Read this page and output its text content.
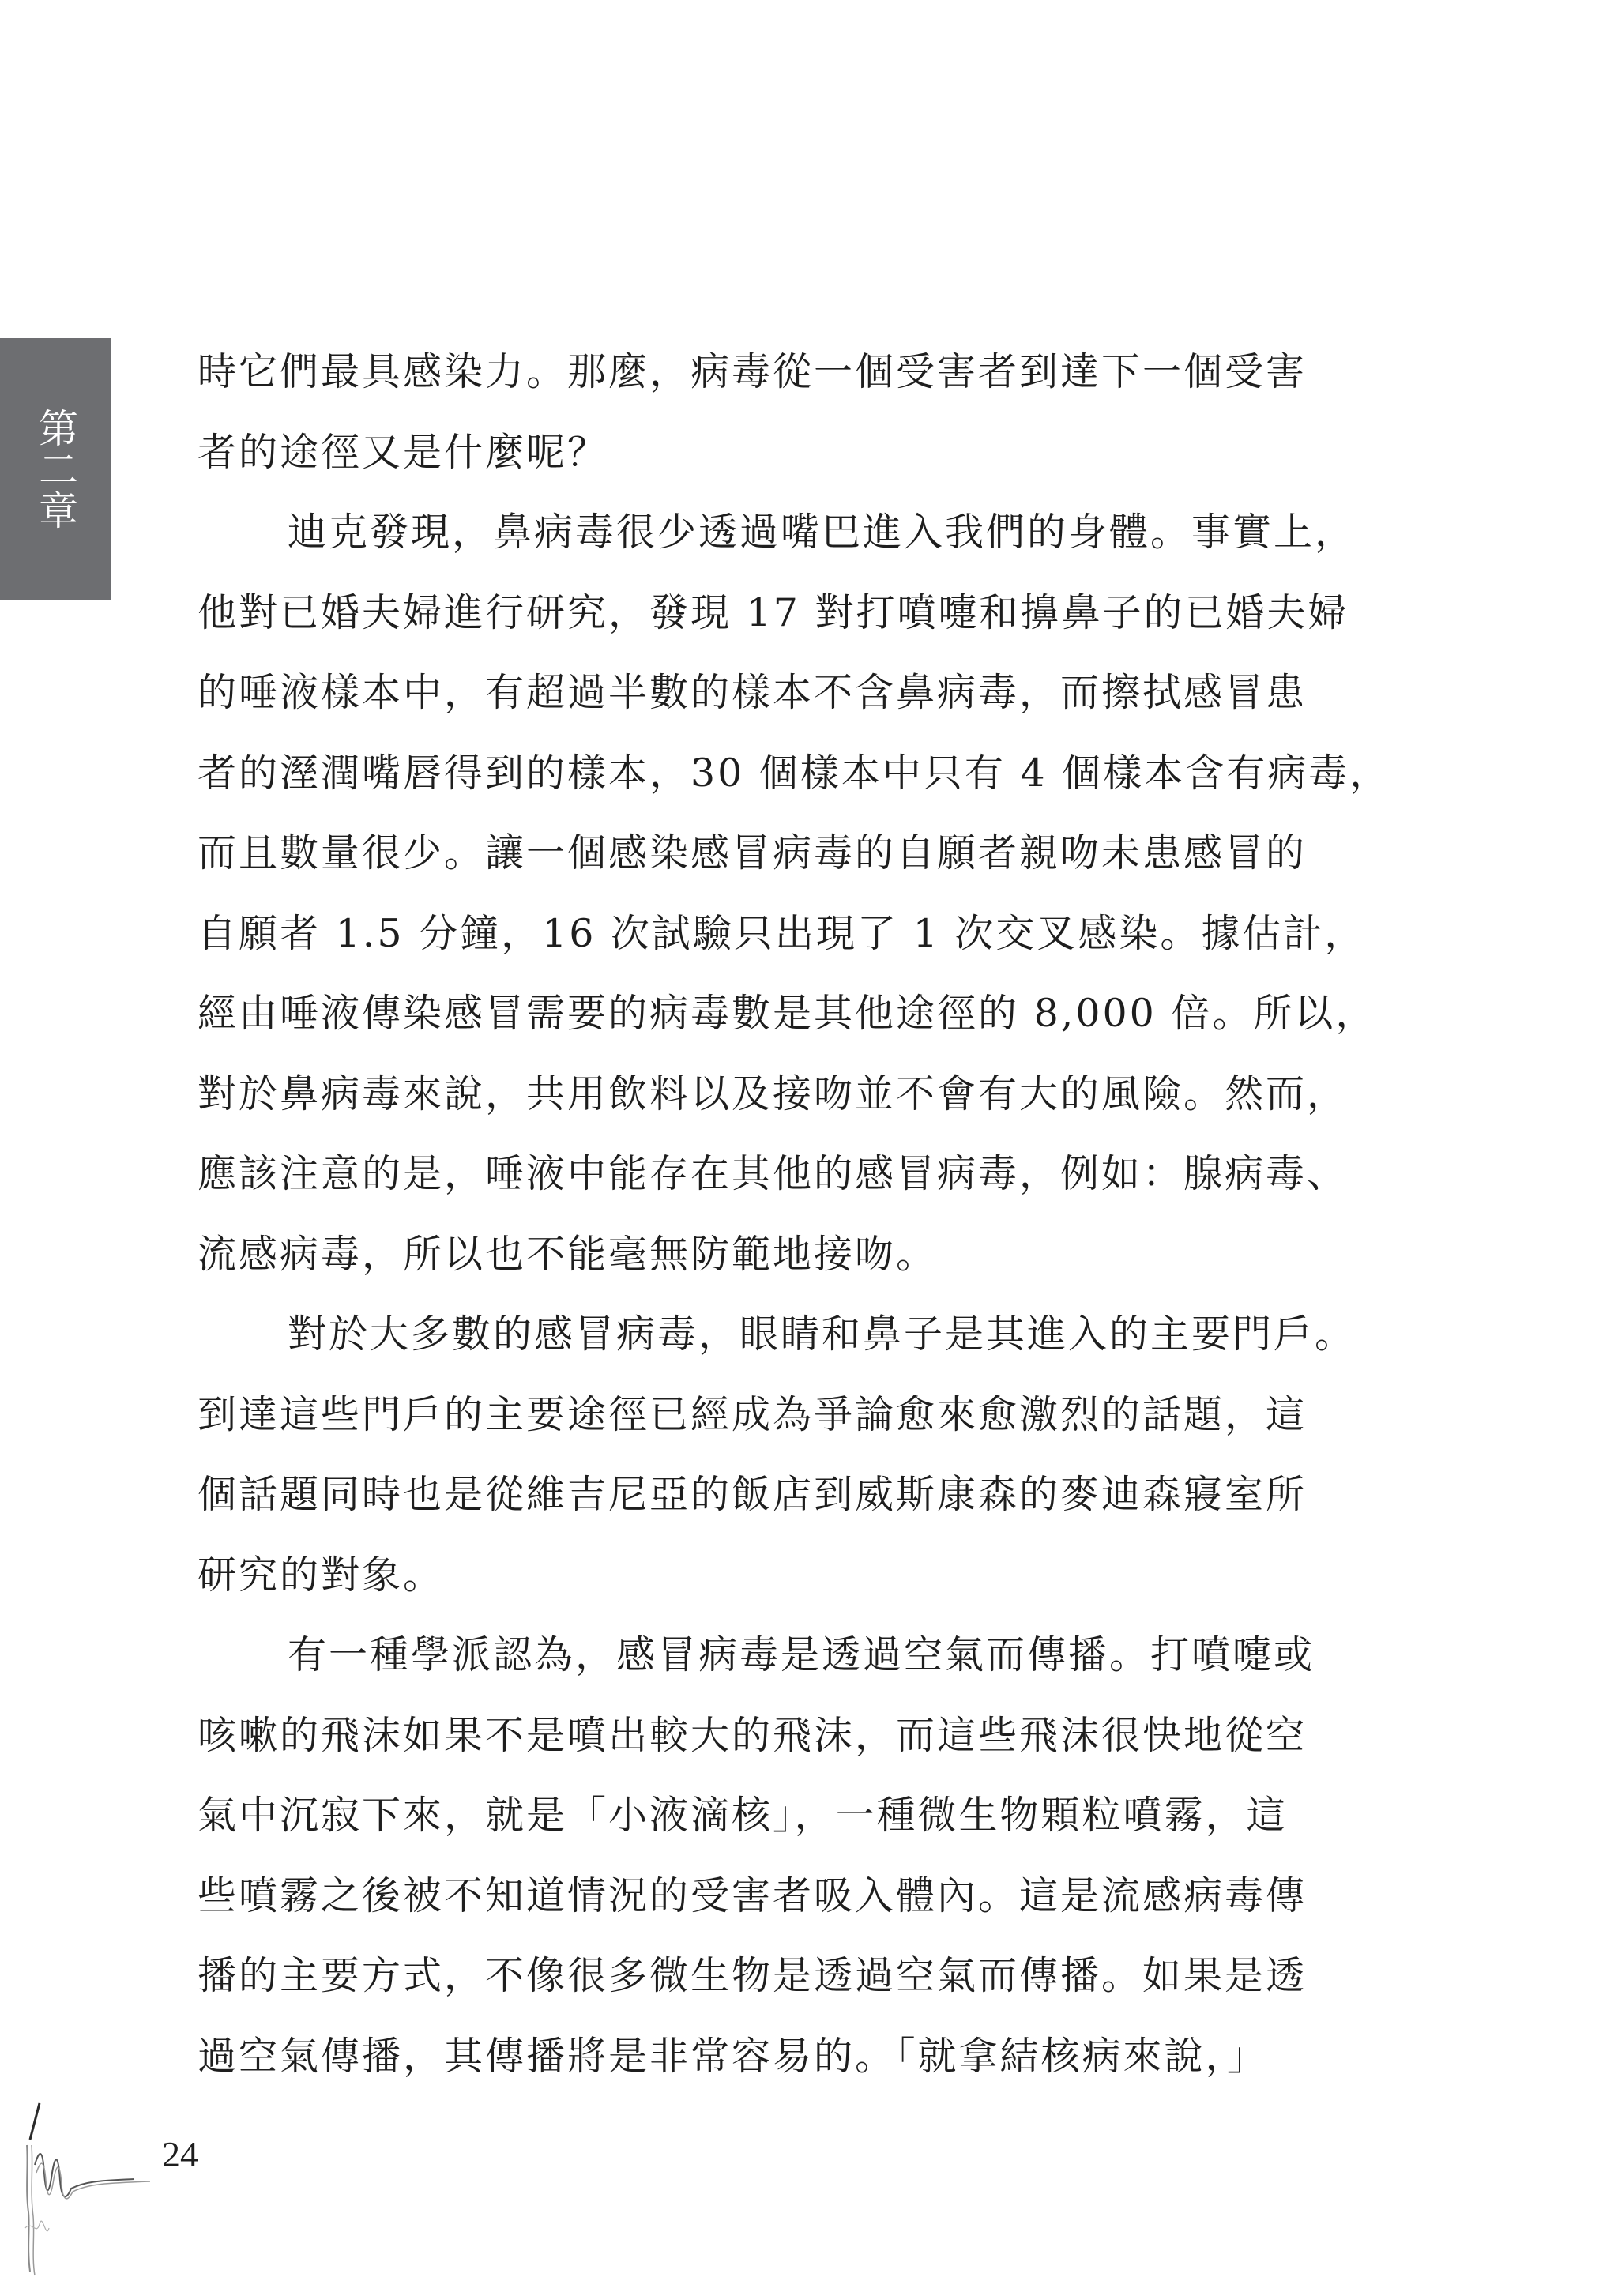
第二章
時它們最具感染力。那麼，病毒從一個受害者到達下一個受害
者的途徑又是什麼呢？
迪克發現，鼻病毒很少透過嘴巴進入我們的身體。事實上，
他對已婚夫婦進行研究，發現 17 對打噴嚏和擤鼻子的已婚夫婦
的唾液樣本中，有超過半數的樣本不含鼻病毒，而擦拭感冒患
者的溼潤嘴唇得到的樣本，30 個樣本中只有 4 個樣本含有病毒，
而且數量很少。讓一個感染感冒病毒的自願者親吻未患感冒的
自願者 1.5 分鐘，16 次試驗只出現了 1 次交叉感染。據估計，
經由唾液傳染感冒需要的病毒數是其他途徑的 8,000 倍。所以，
對於鼻病毒來說，共用飲料以及接吻並不會有大的風險。然而，
應該注意的是，唾液中能存在其他的感冒病毒，例如：腺病毒、
流感病毒，所以也不能毫無防範地接吻。
對於大多數的感冒病毒，眼睛和鼻子是其進入的主要門戶。
到達這些門戶的主要途徑已經成為爭論愈來愈激烈的話題，這
個話題同時也是從維吉尼亞的飯店到威斯康森的麥迪森寢室所
研究的對象。
有一種學派認為，感冒病毒是透過空氣而傳播。打噴嚏或
咳嗽的飛沫如果不是噴出較大的飛沫，而這些飛沫很快地從空
氣中沉寂下來，就是「小液滴核」，一種微生物顆粒噴霧，這
些噴霧之後被不知道情況的受害者吸入體內。這是流感病毒傳
播的主要方式，不像很多微生物是透過空氣而傳播。如果是透
過空氣傳播，其傳播將是非常容易的。「就拿結核病來說，」
24
